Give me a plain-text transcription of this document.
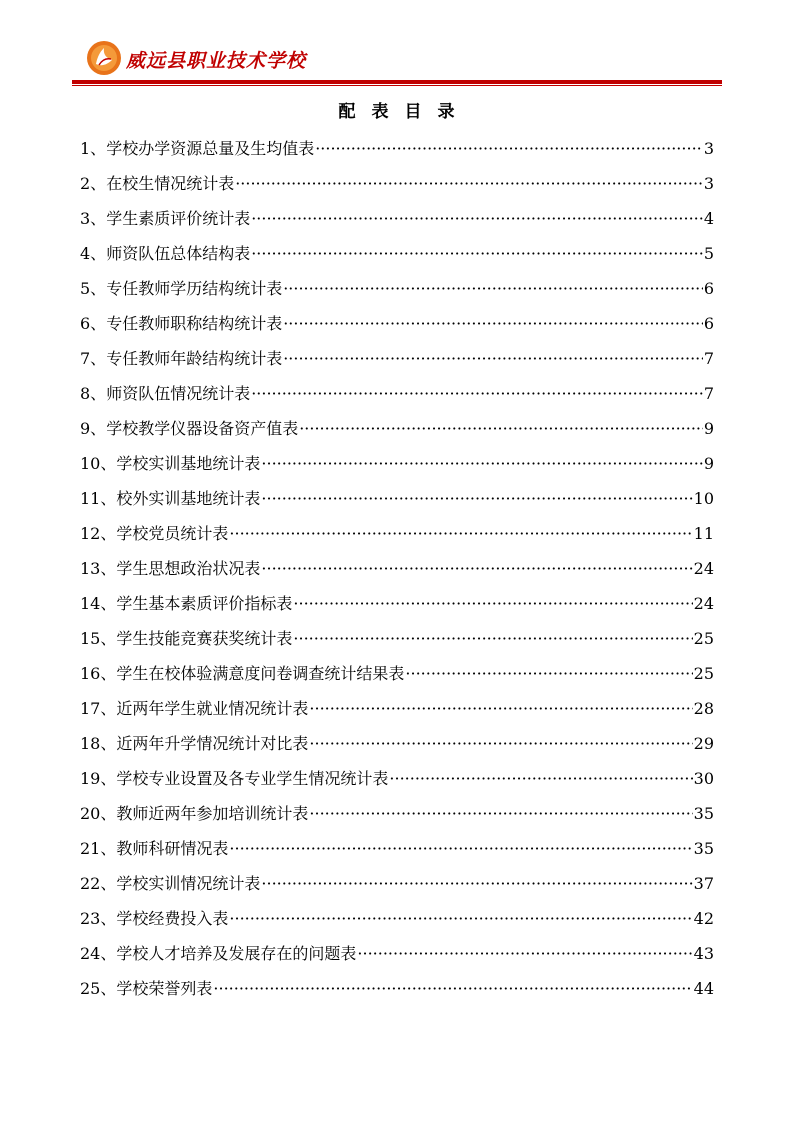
威远县职业技术学校
配表目录
1、 学校办学资源总量及生均值表 ·····	3
2、 在校生情况统计表 ·····	3
3、 学生素质评价统计表 ·····	4
4、 师资队伍总体结构表 ·····	5
5、 专任教师学历结构统计表 ·····	6
6、 专任教师职称结构统计表 ·····	6
7、 专任教师年龄结构统计表 ·····	7
8、 师资队伍情况统计表 ·····	7
9、 学校教学仪器设备资产值表 ·····	9
10、 学校实训基地统计表 ·····	9
11、 校外实训基地统计表 ·····	10
12、 学校党员统计表 ·····	11
13、 学生思想政治状况表 ·····	24
14、 学生基本素质评价指标表 ·····	24
15、 学生技能竞赛获奖统计表 ·····	25
16、 学生在校体验满意度问卷调查统计结果表 ·····	25
17、 近两年学生就业情况统计表 ·····	28
18、 近两年升学情况统计对比表 ·····	29
19、 学校专业设置及各专业学生情况统计表 ·····	30
20、 教师近两年参加培训统计表 ·····	35
21、 教师科研情况表 ·····	35
22、 学校实训情况统计表 ·····	37
23、 学校经费投入表 ·····	42
24、 学校人才培养及发展存在的问题表 ·····	43
25、 学校荣誉列表 ·····	44
